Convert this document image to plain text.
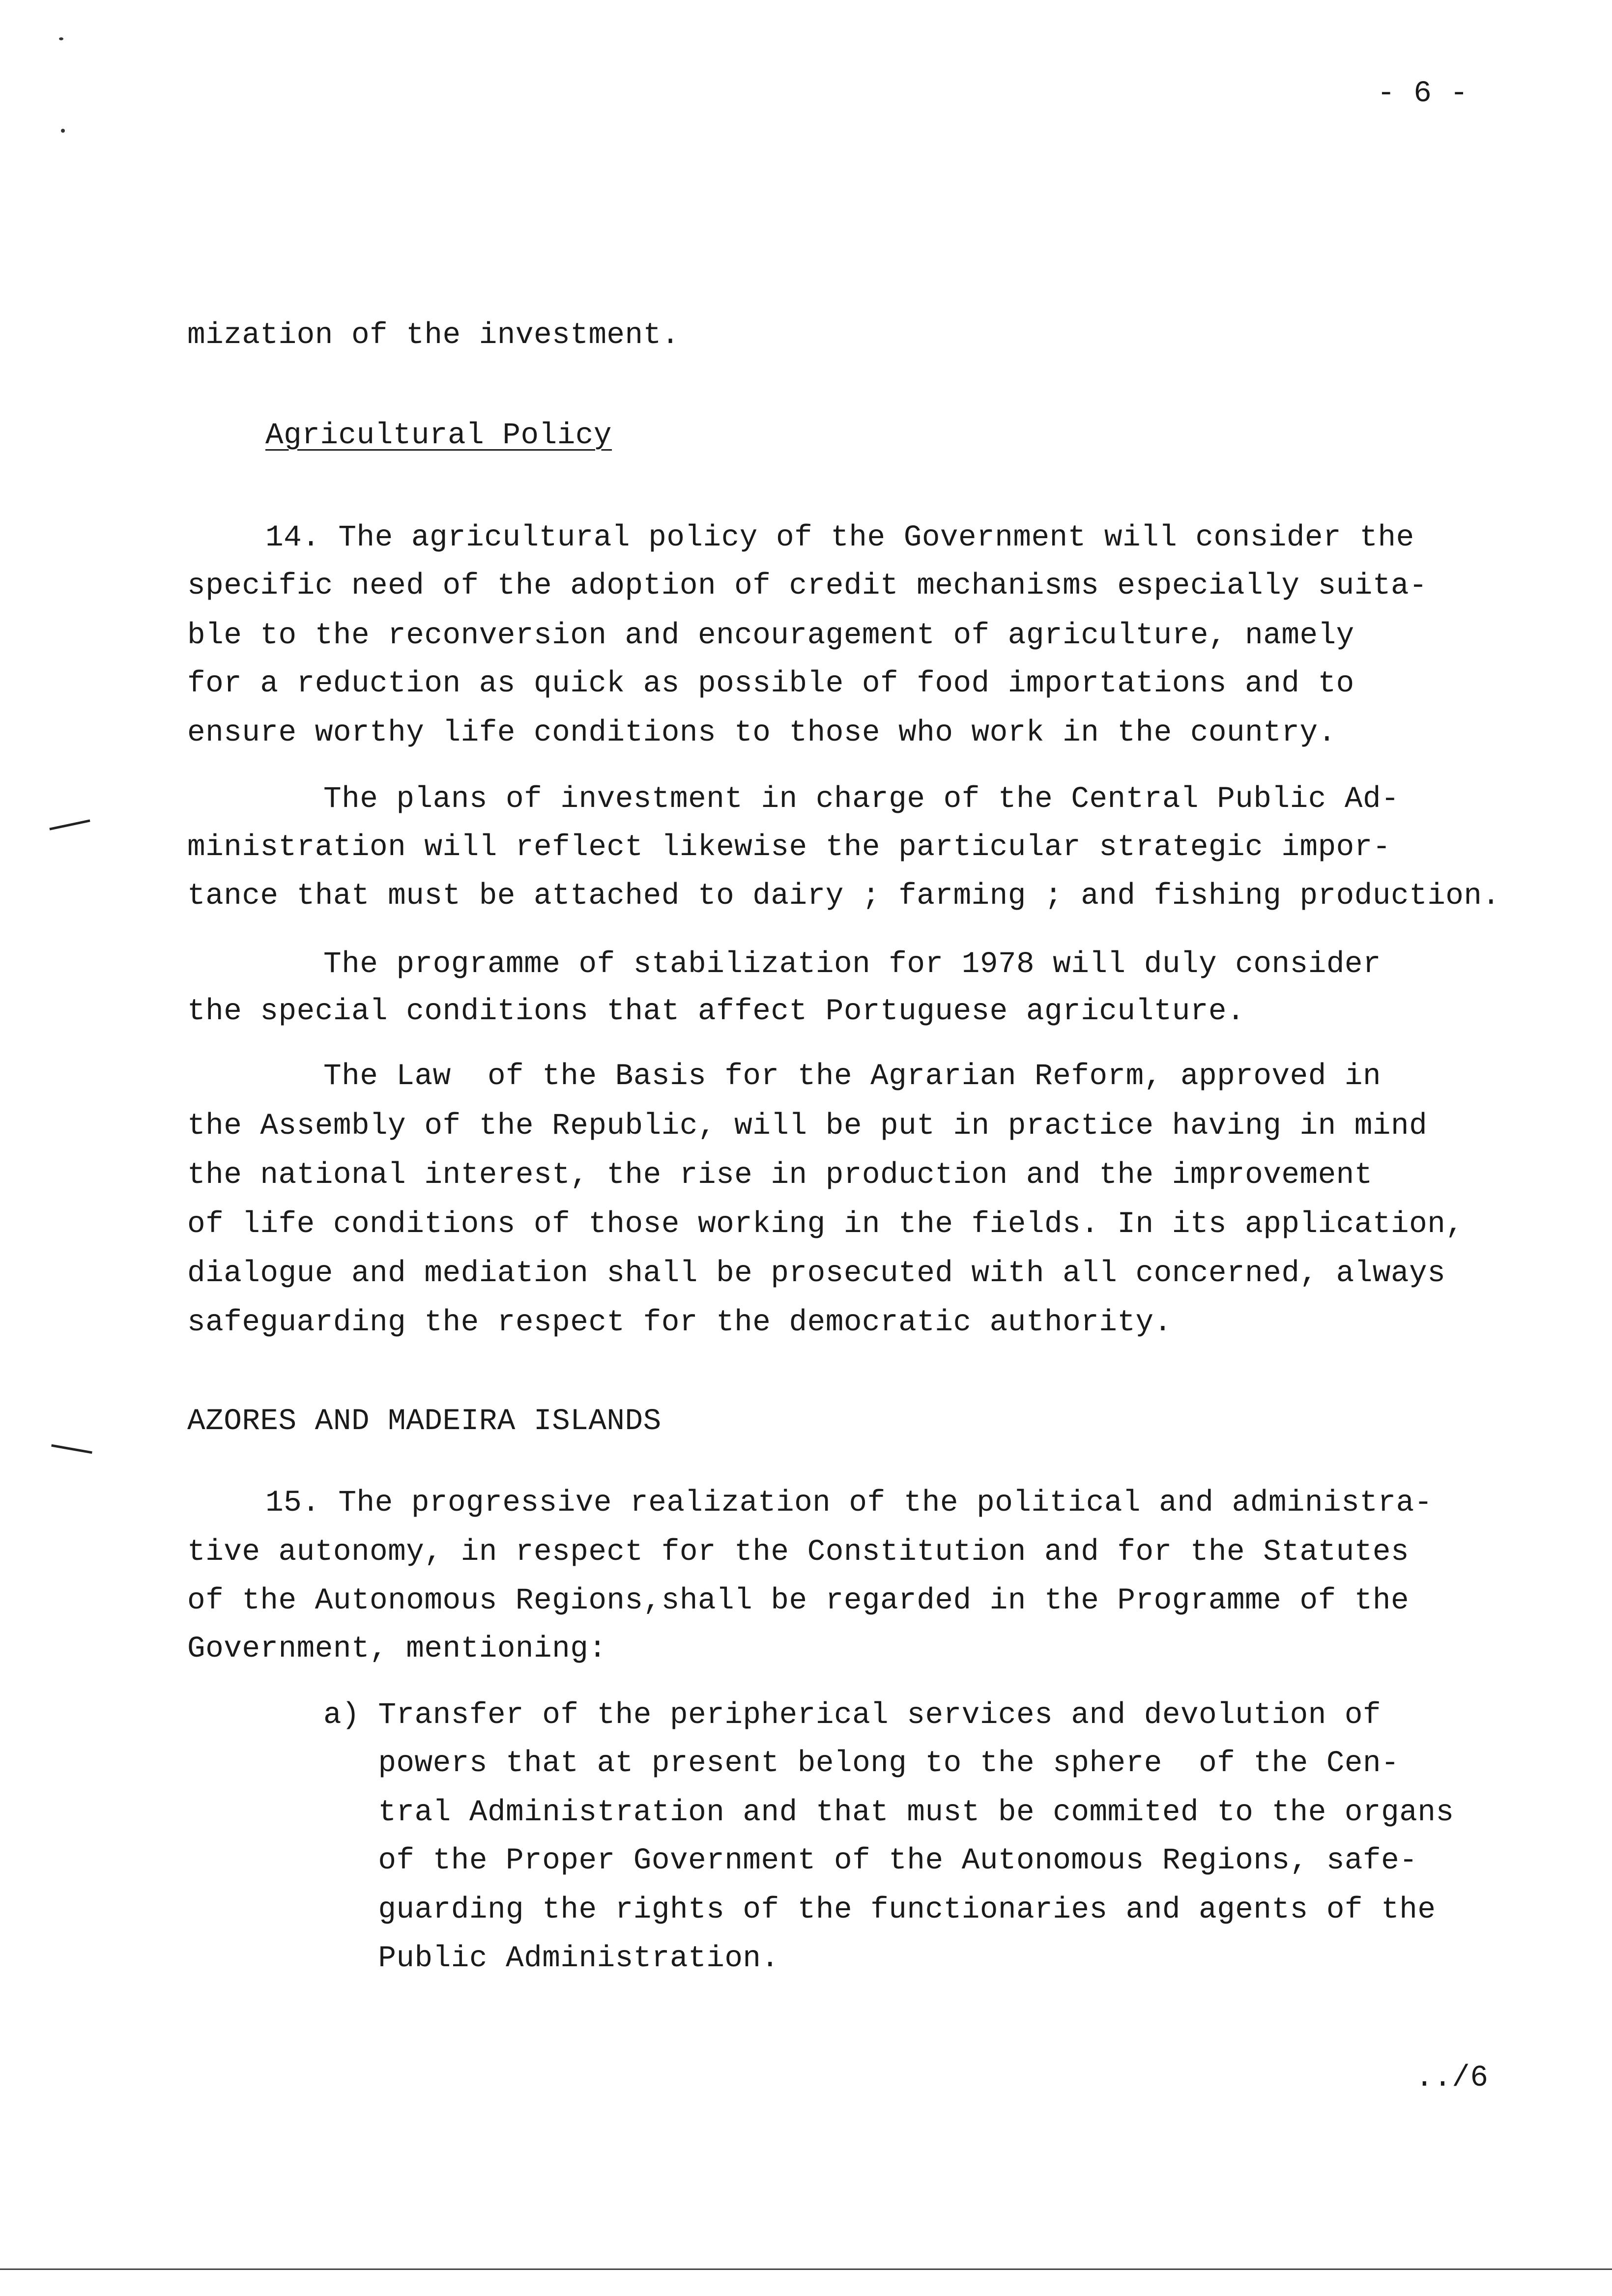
- 6 -
mization of the investment.
Agricultural Policy
14. The agricultural policy of the Government will consider the
specific need of the adoption of credit mechanisms especially suita-
ble to the reconversion and encouragement of agriculture, namely
for a reduction as quick as possible of food importations and to
ensure worthy life conditions to those who work in the country.
The plans of investment in charge of the Central Public Ad-
ministration will reflect likewise the particular strategic impor-
tance that must be attached to dairy ; farming ; and fishing production.
The programme of stabilization for 1978 will duly consider
the special conditions that affect Portuguese agriculture.
The Law  of the Basis for the Agrarian Reform, approved in
the Assembly of the Republic, will be put in practice having in mind
the national interest, the rise in production and the improvement
of life conditions of those working in the fields. In its application,
dialogue and mediation shall be prosecuted with all concerned, always
safeguarding the respect for the democratic authority.
AZORES AND MADEIRA ISLANDS
15. The progressive realization of the political and administra-
tive autonomy, in respect for the Constitution and for the Statutes
of the Autonomous Regions,shall be regarded in the Programme of the
Government, mentioning:
a) Transfer of the peripherical services and devolution of
powers that at present belong to the sphere  of the Cen-
tral Administration and that must be commited to the organs
of the Proper Government of the Autonomous Regions, safe-
guarding the rights of the functionaries and agents of the
Public Administration.
../6
